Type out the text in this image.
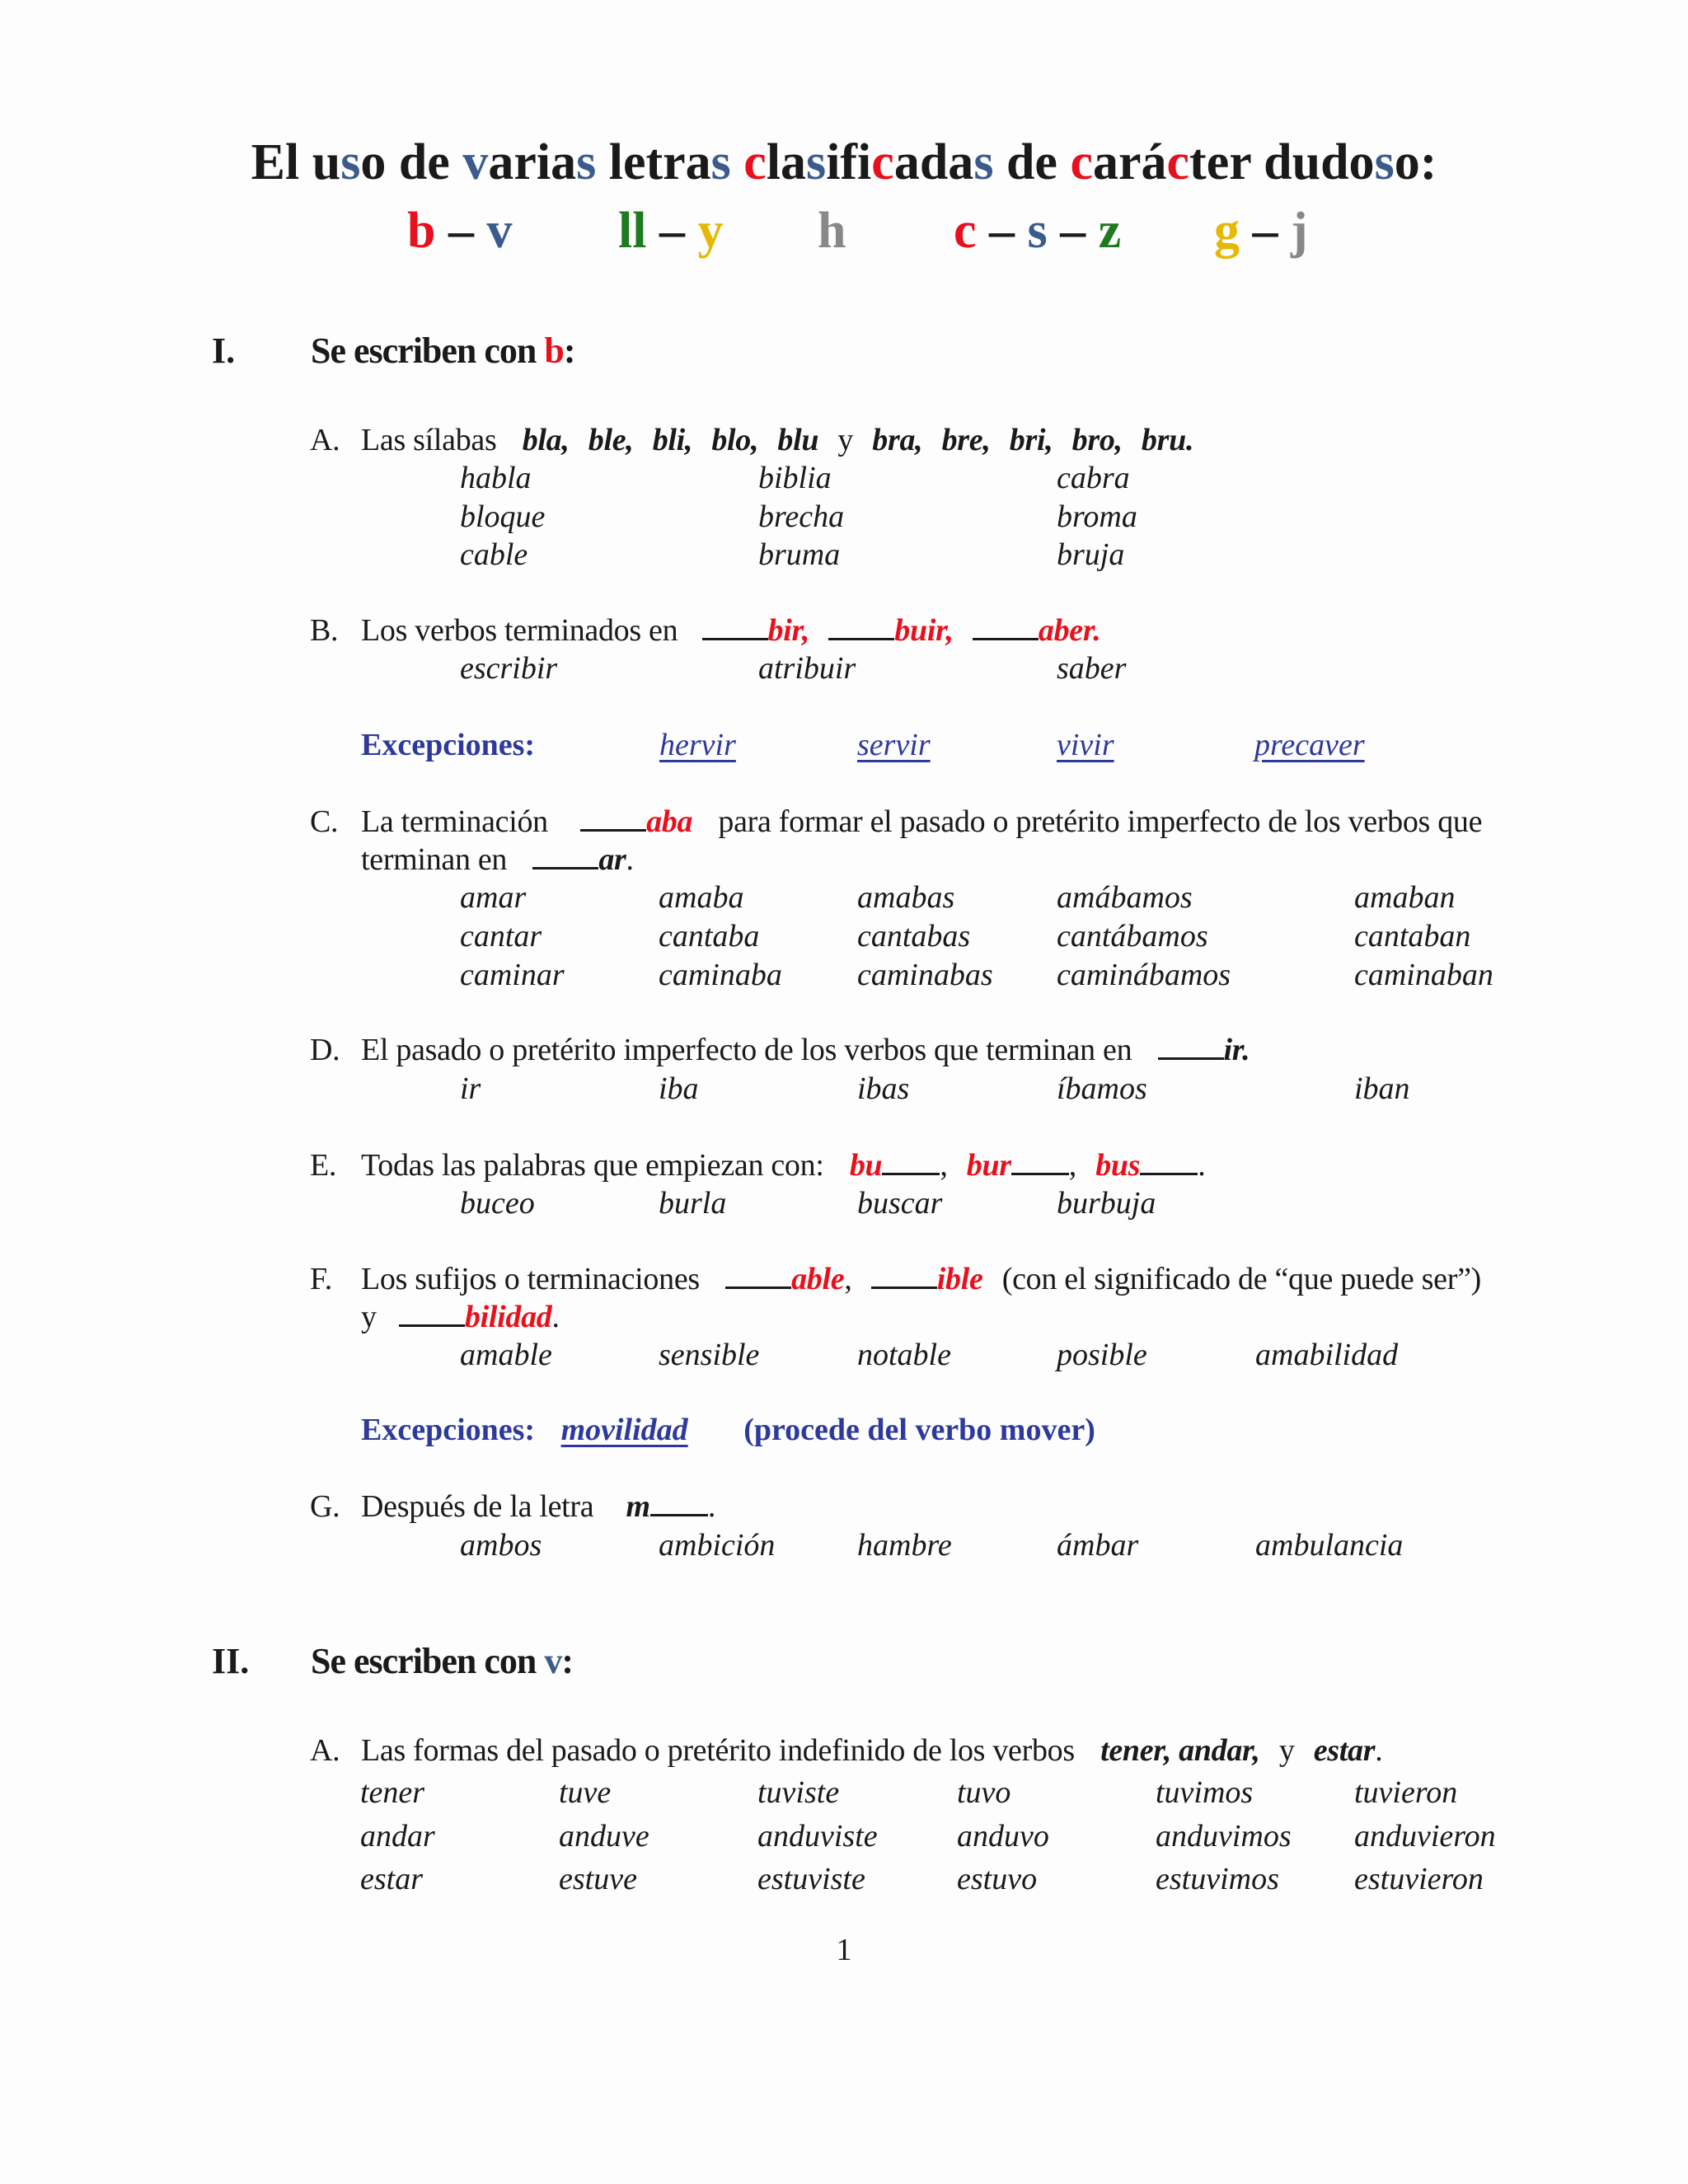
El uso de varias letras clasificadas de carácter dudoso:
b – v ll – y h c – s – z g – j
I. Se escriben con b:
A. Las sílabas bla, ble, bli, blo, blu y bra, bre, bri, bro, bru.
habla	biblia	cabra
bloque	brecha	broma
cable	bruma	bruja
B. Los verbos terminados en	bir,	buir,	aber.
escribir	atribuir	saber
Excepciones:	hervir	servir	vivir	precaver
C. La terminación	aba para formar el pasado o pretérito imperfecto de los verbos que
terminan en	ar.
amar	amaba	amabas	amábamos	amaban
cantar	cantaba	cantabas	cantábamos	cantaban
caminar	caminaba caminabas caminábamos	caminaban
D. El pasado o pretérito imperfecto de los verbos que terminan en	ir.
ir	iba	ibas	íbamos	iban
E. Todas las palabras que empiezan con: bu , bur , bus .
buceo	burla	buscar	burbuja
F. Los sufijos o terminaciones	able, ible (con el significado de “que puede ser”)
y	bilidad.
amable	sensible	notable	posible	amabilidad
Excepciones: movilidad (procede del verbo mover)
G. Después de la letra m .
ambos	ambición	hambre	ámbar	ambulancia
II. Se escriben con v:
A. Las formas del pasado o pretérito indefinido de los verbos tener, andar, y estar.
tener	tuve	tuviste	tuvo	tuvimos	tuvieron
andar	anduve	anduviste	anduvo	anduvimos anduvieron
estar	estuve	estuviste	estuvo	estuvimos estuvieron
1
